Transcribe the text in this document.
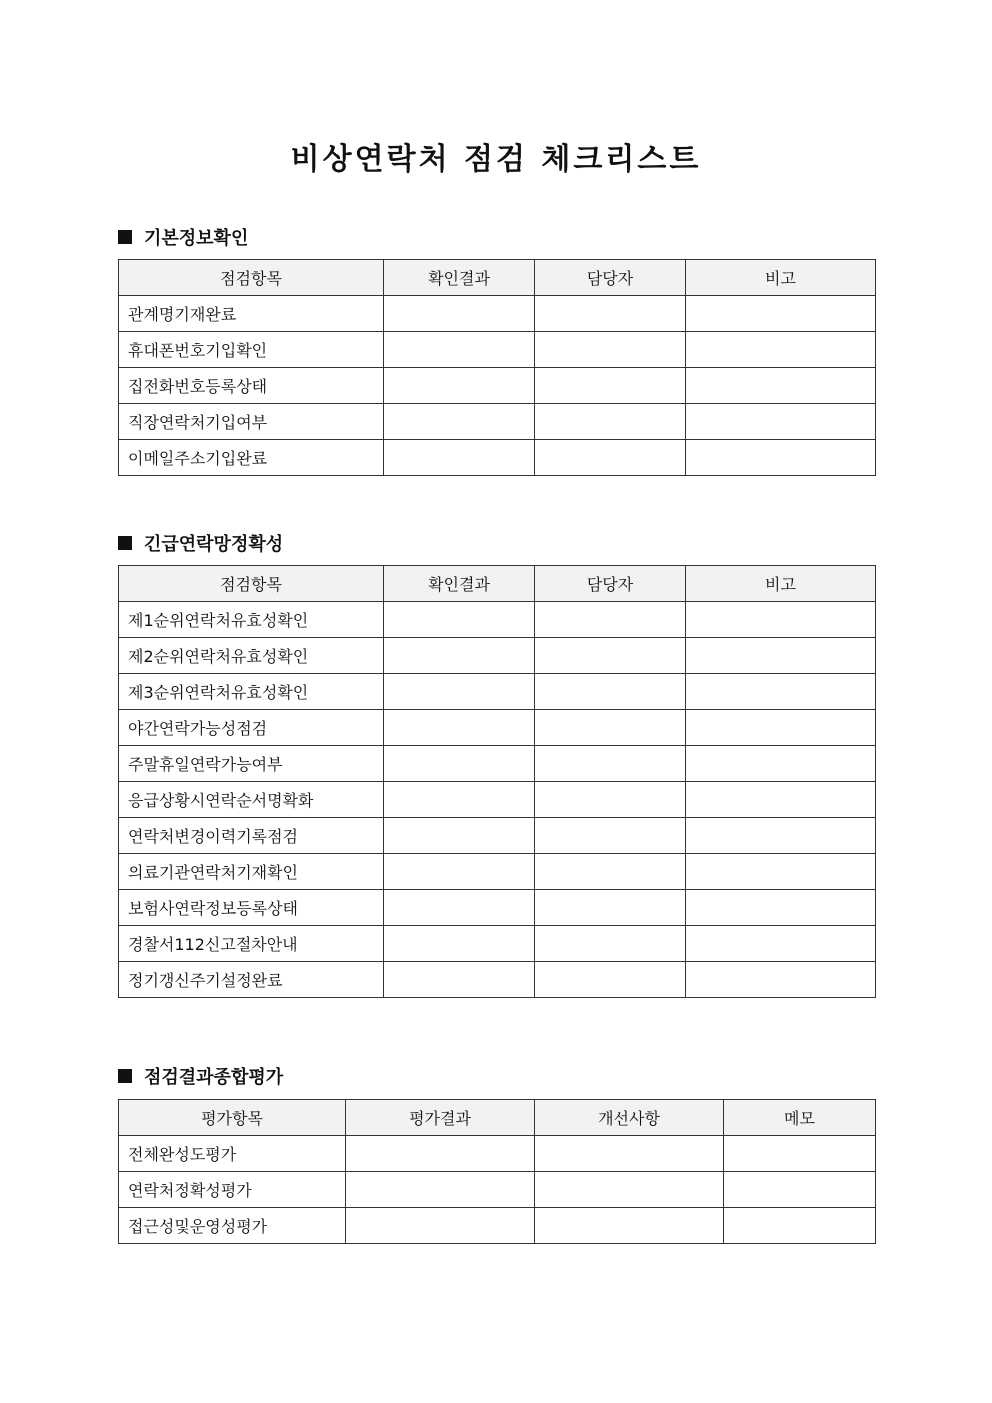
비상연락처 점검 체크리스트
기본정보확인
점검항목	확인결과	담당자	비고
관계명기재완료			
휴대폰번호기입확인			
집전화번호등록상태			
직장연락처기입여부			
이메일주소기입완료			
긴급연락망정확성
점검항목	확인결과	담당자	비고
제1순위연락처유효성확인			
제2순위연락처유효성확인			
제3순위연락처유효성확인			
야간연락가능성점검			
주말휴일연락가능여부			
응급상황시연락순서명확화			
연락처변경이력기록점검			
의료기관연락처기재확인			
보험사연락정보등록상태			
경찰서112신고절차안내			
정기갱신주기설정완료			
점검결과종합평가
평가항목	평가결과	개선사항	메모
전체완성도평가			
연락처정확성평가			
접근성및운영성평가			
